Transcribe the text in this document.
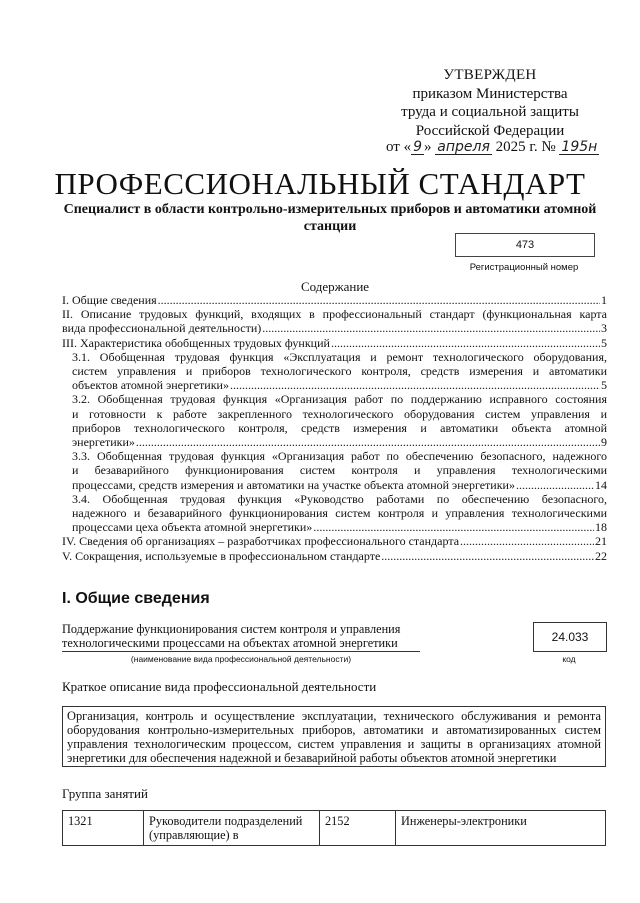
УТВЕРЖДЕН
приказом Министерства
труда и социальной защиты
Российской Федерации
от « 9 » апреля 2025 г. № 195н
ПРОФЕССИОНАЛЬНЫЙ СТАНДАРТ
Специалист в области контрольно-измерительных приборов и автоматики атомной станции
473
Регистрационный номер
Содержание
I. Общие сведения .....	1
II. Описание трудовых функций, входящих в профессиональный стандарт (функциональная карта
вида профессиональной деятельности) .....	3
III. Характеристика обобщенных трудовых функций .....	5
3.1. Обобщенная трудовая функция «Эксплуатация и ремонт технологического оборудования,
систем управления и приборов технологического контроля, средств измерения и автоматики
объектов атомной энергетики» .....	5
3.2. Обобщенная трудовая функция «Организация работ по поддержанию исправного состояния
и готовности к работе закрепленного технологического оборудования систем управления и
приборов технологического контроля, средств измерения и автоматики объекта атомной
энергетики» .....	9
3.3. Обобщенная трудовая функция «Организация работ по обеспечению безопасного, надежного
и безаварийного функционирования систем контроля и управления технологическими
процессами, средств измерения и автоматики на участке объекта атомной энергетики» .....	14
3.4. Обобщенная трудовая функция «Руководство работами по обеспечению безопасного,
надежного и безаварийного функционирования систем контроля и управления технологическими
процессами цеха объекта атомной энергетики» .....	18
IV. Сведения об организациях – разработчиках профессионального стандарта .....	21
V. Сокращения, используемые в профессиональном стандарте .....	22
I. Общие сведения
Поддержание функционирования систем контроля и управления технологическими процессами на объектах атомной энергетики
(наименование вида профессиональной деятельности)
24.033
код
Краткое описание вида профессиональной деятельности
Организация, контроль и осуществление эксплуатации, технического обслуживания и ремонта оборудования контрольно-измерительных приборов, автоматики и автоматизированных систем управления технологическим процессом, систем управления и защиты в организациях атомной энергетики для обеспечения надежной и безаварийной работы объектов атомной энергетики
Группа занятий
1321	Руководители подразделений (управляющие) в	2152	Инженеры-электроники
